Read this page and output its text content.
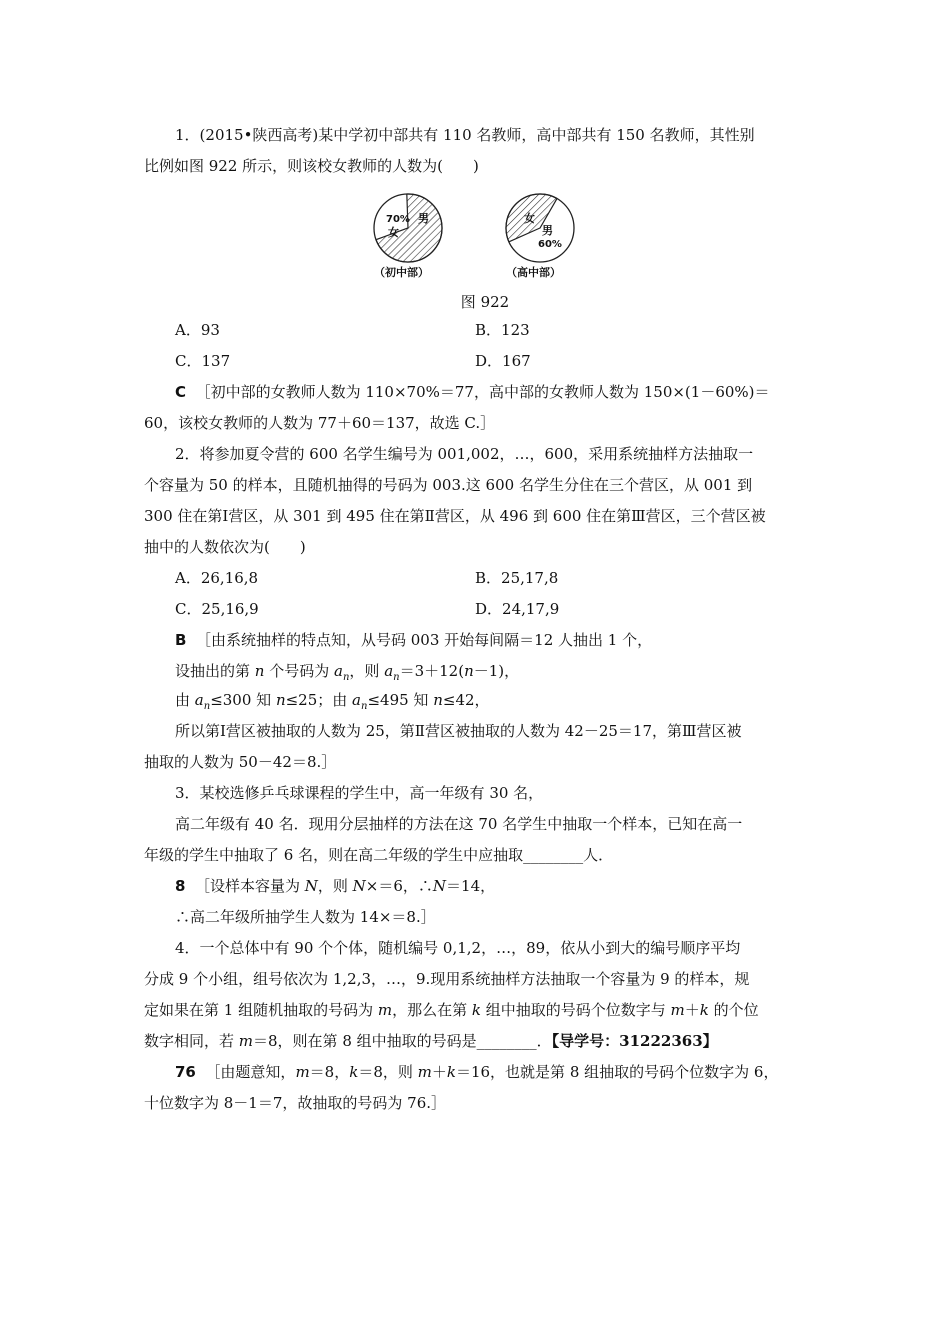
1．(2015•陕西高考)某中学初中部共有 110 名教师，高中部共有 150 名教师，其性别
比例如图 922 所示，则该校女教师的人数为(　　)
70%
女
男
（初中部）
女
男
60%
（高中部）
图 922
A．93	B．123
C．137	D．167
C ［初中部的女教师人数为 110×70%＝77，高中部的女教师人数为 150×(1－60%)＝
60，该校女教师的人数为 77＋60＝137，故选 C.］
2．将参加夏令营的 600 名学生编号为 001,002，…，600，采用系统抽样方法抽取一
个容量为 50 的样本，且随机抽得的号码为 003.这 600 名学生分住在三个营区，从 001 到
300 住在第Ⅰ营区，从 301 到 495 住在第Ⅱ营区，从 496 到 600 住在第Ⅲ营区，三个营区被
抽中的人数依次为(　　)
A．26,16,8	B．25,17,8
C．25,16,9	D．24,17,9
B ［由系统抽样的特点知，从号码 003 开始每间隔＝12 人抽出 1 个，
设抽出的第 n 个号码为 $a_n$，则 $a_n=3+12(n-1)$，
由 $a_n\le 300$ 知 n≤25；由 $a_n\le 495$ 知 n≤42，
所以第Ⅰ营区被抽取的人数为 25，第Ⅱ营区被抽取的人数为 42－25＝17，第Ⅲ营区被
抽取的人数为 50－42＝8.］
3．某校选修乒乓球课程的学生中，高一年级有 30 名，
高二年级有 40 名．现用分层抽样的方法在这 70 名学生中抽取一个样本，已知在高一
年级的学生中抽取了 6 名，则在高二年级的学生中应抽取________人．
8 ［设样本容量为 N，则 N×＝6，∴N＝14，
∴高二年级所抽学生人数为 14×＝8.］
4．一个总体中有 90 个个体，随机编号 0,1,2，…，89，依从小到大的编号顺序平均
分成 9 个小组，组号依次为 1,2,3，…，9.现用系统抽样方法抽取一个容量为 9 的样本，规
定如果在第 1 组随机抽取的号码为 m，那么在第 k 组中抽取的号码个位数字与 m＋k 的个位
数字相同，若 m＝8，则在第 8 组中抽取的号码是________．【导学号：31222363】
76 ［由题意知，m＝8，k＝8，则 m＋k＝16，也就是第 8 组抽取的号码个位数字为 6，
十位数字为 8－1＝7，故抽取的号码为 76.］
